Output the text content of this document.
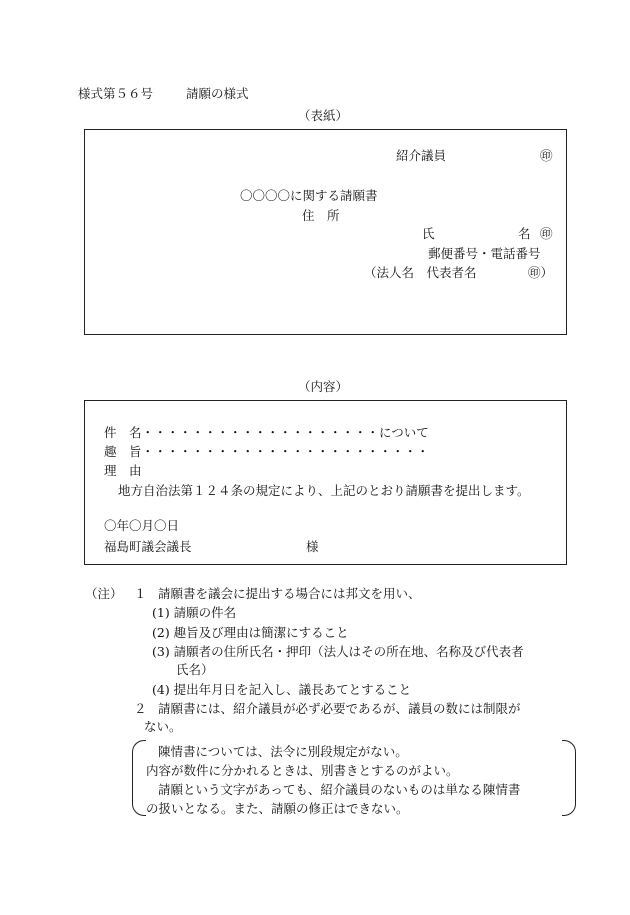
様式第５６号	請願の様式
（表紙）
紹介議員	㊞
〇〇〇〇に関する請願書
住　所
氏	名 ㊞
郵便番号・電話番号
（法人名　代表者名	㊞）
（内容）
件　名・・・・・・・・・・・・・・・・・・・について
趣　旨・・・・・・・・・・・・・・・・・・・・・・・
理　由
地方自治法第１２４条の規定により、上記のとおり請願書を提出します。
〇年〇月〇日
福島町議会議長	様
（注） １ 請願書を議会に提出する場合には邦文を用い、
(1) 請願の件名
(2) 趣旨及び理由は簡潔にすること
(3) 請願者の住所氏名・押印（法人はその所在地、名称及び代表者
氏名）
(4) 提出年月日を記入し、議長あてとすること
２ 請願書には、紹介議員が必ず必要であるが、議員の数には制限が
ない。
陳情書については、法令に別段規定がない。
内容が数件に分かれるときは、別書きとするのがよい。
請願という文字があっても、紹介議員のないものは単なる陳情書
の扱いとなる。また、請願の修正はできない。
